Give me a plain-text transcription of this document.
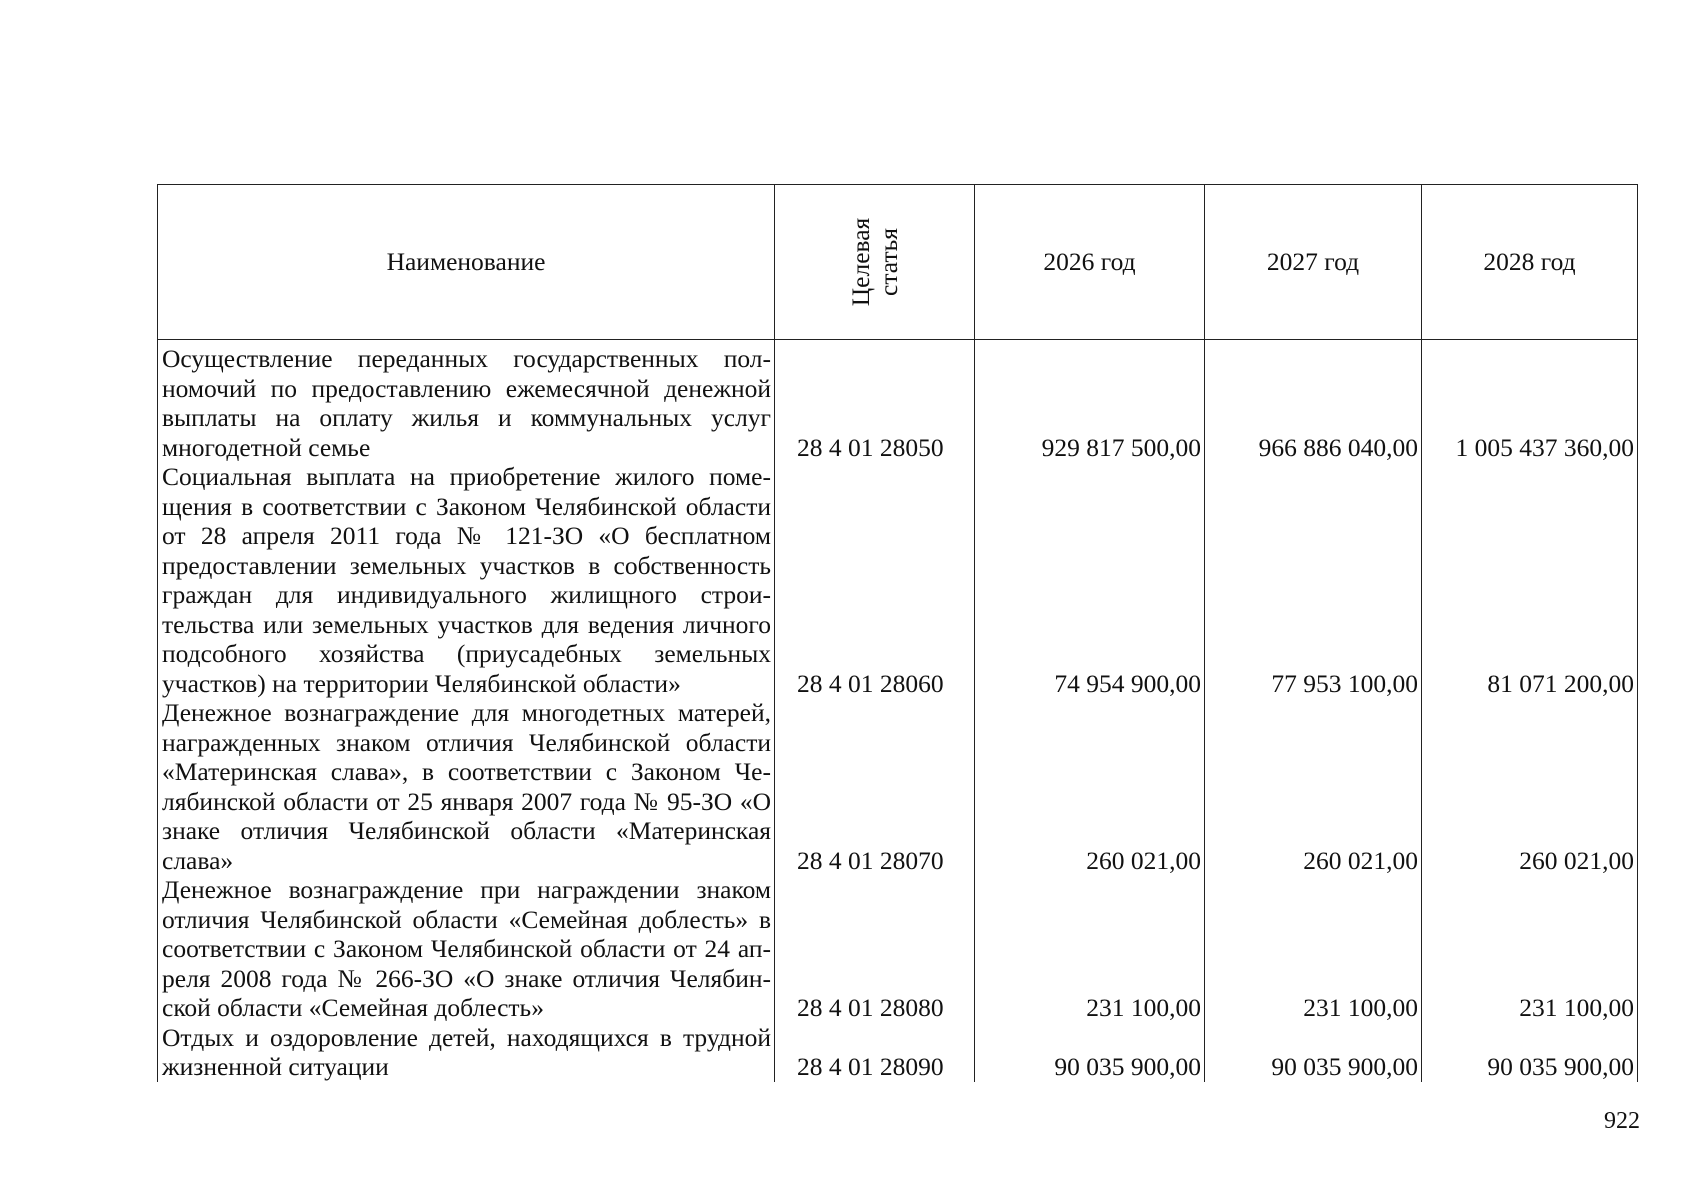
Наименование	Целевая статья	2026 год	2027 год	2028 год
Осуществление переданных государственных полномочий по предоставлению ежемесячной денежной выплаты на оплату жилья и коммунальных услуг многодетной семье	28 4 01 28050	929 817 500,00	966 886 040,00	1 005 437 360,00
Социальная выплата на приобретение жилого помещения в соответствии с Законом Челябинской области от 28 апреля 2011 года № 121-ЗО «О бесплатном предоставлении земельных участков в собственность граждан для индивидуального жилищного строительства или земельных участков для ведения личного подсобного хозяйства (приусадебных земельных участков) на территории Челябинской области»	28 4 01 28060	74 954 900,00	77 953 100,00	81 071 200,00
Денежное вознаграждение для многодетных матерей, награжденных знаком отличия Челябинской области «Материнская слава», в соответствии с Законом Челябинской области от 25 января 2007 года № 95-ЗО «О знаке отличия Челябинской области «Материнская слава»	28 4 01 28070	260 021,00	260 021,00	260 021,00
Денежное вознаграждение при награждении знаком отличия Челябинской области «Семейная доблесть» в соответствии с Законом Челябинской области от 24 апреля 2008 года № 266-ЗО «О знаке отличия Челябинской области «Семейная доблесть»	28 4 01 28080	231 100,00	231 100,00	231 100,00
Отдых и оздоровление детей, находящихся в трудной жизненной ситуации	28 4 01 28090	90 035 900,00	90 035 900,00	90 035 900,00
922
